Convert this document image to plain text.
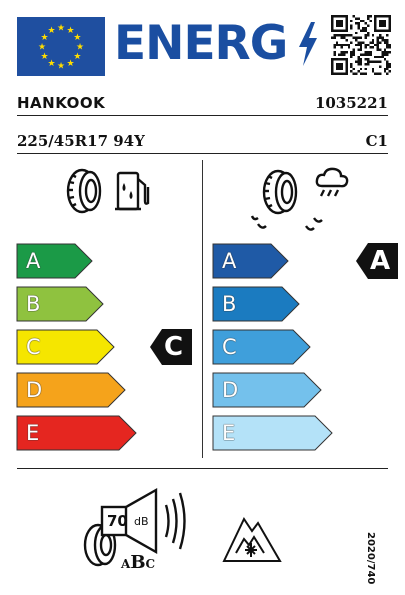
★ ★
★
★
★
★
★
★
★
★
★
★ ENERG
HANKOOK	1035221
225/45R17 94Y	C1
A
B
C
D
E
A
B
C
D
E
C
A
70 dB
ABC	2020/740
